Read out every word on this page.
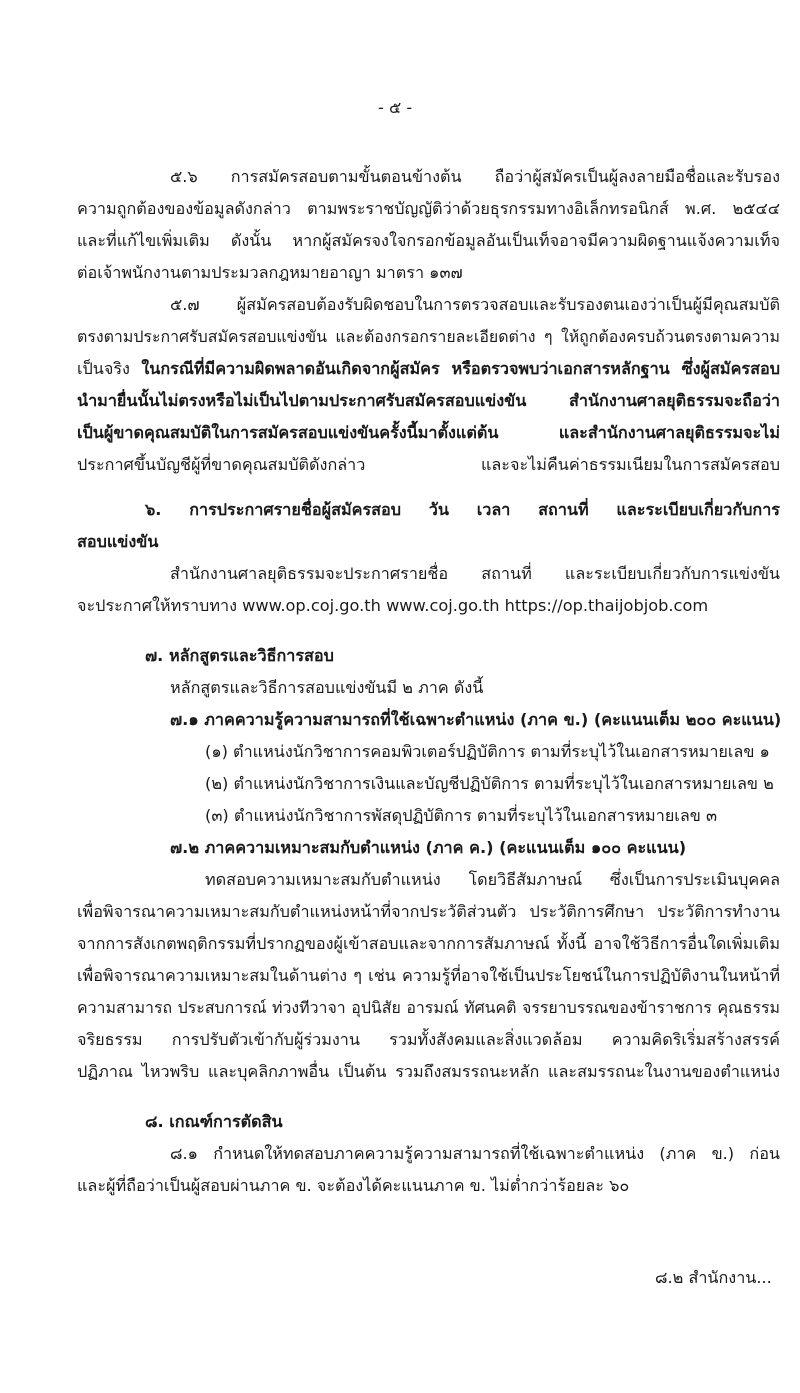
- ๕ -
๕.๖ การสมัครสอบตามขั้นตอนข้างต้น ถือว่าผู้สมัครเป็นผู้ลงลายมือชื่อและรับรอง
ความถูกต้องของข้อมูลดังกล่าว ตามพระราชบัญญัติว่าด้วยธุรกรรมทางอิเล็กทรอนิกส์ พ.ศ. ๒๕๔๔
และที่แก้ไขเพิ่มเติม ดังนั้น หากผู้สมัครจงใจกรอกข้อมูลอันเป็นเท็จอาจมีความผิดฐานแจ้งความเท็จ
ต่อเจ้าพนักงานตามประมวลกฎหมายอาญา มาตรา ๑๓๗
๕.๗ ผู้สมัครสอบต้องรับผิดชอบในการตรวจสอบและรับรองตนเองว่าเป็นผู้มีคุณสมบัติ
ตรงตามประกาศรับสมัครสอบแข่งขัน และต้องกรอกรายละเอียดต่าง ๆ ให้ถูกต้องครบถ้วนตรงตามความ
เป็นจริง ในกรณีที่มีความผิดพลาดอันเกิดจากผู้สมัคร หรือตรวจพบว่าเอกสารหลักฐาน ซึ่งผู้สมัครสอบ
นำมายื่นนั้นไม่ตรงหรือไม่เป็นไปตามประกาศรับสมัครสอบแข่งขัน สำนักงานศาลยุติธรรมจะถือว่า
เป็นผู้ขาดคุณสมบัติในการสมัครสอบแข่งขันครั้งนี้มาตั้งแต่ต้น และสำนักงานศาลยุติธรรมจะไม่
ประกาศขึ้นบัญชีผู้ที่ขาดคุณสมบัติดังกล่าว และจะไม่คืนค่าธรรมเนียมในการสมัครสอบ
๖. การประกาศรายชื่อผู้สมัครสอบ วัน เวลา สถานที่ และระเบียบเกี่ยวกับการ
สอบแข่งขัน
สำนักงานศาลยุติธรรมจะประกาศรายชื่อ สถานที่ และระเบียบเกี่ยวกับการแข่งขัน
จะประกาศให้ทราบทาง www.op.coj.go.th www.coj.go.th https://op.thaijobjob.com
๗. หลักสูตรและวิธีการสอบ
หลักสูตรและวิธีการสอบแข่งขันมี ๒ ภาค ดังนี้
๗.๑ ภาคความรู้ความสามารถที่ใช้เฉพาะตำแหน่ง (ภาค ข.) (คะแนนเต็ม ๒๐๐ คะแนน)
(๑) ตำแหน่งนักวิชาการคอมพิวเตอร์ปฏิบัติการ ตามที่ระบุไว้ในเอกสารหมายเลข ๑
(๒) ตำแหน่งนักวิชาการเงินและบัญชีปฏิบัติการ ตามที่ระบุไว้ในเอกสารหมายเลข ๒
(๓) ตำแหน่งนักวิชาการพัสดุปฏิบัติการ ตามที่ระบุไว้ในเอกสารหมายเลข ๓
๗.๒ ภาคความเหมาะสมกับตำแหน่ง (ภาค ค.) (คะแนนเต็ม ๑๐๐ คะแนน)
ทดสอบความเหมาะสมกับตำแหน่ง โดยวิธีสัมภาษณ์ ซึ่งเป็นการประเมินบุคคล
เพื่อพิจารณาความเหมาะสมกับตำแหน่งหน้าที่จากประวัติส่วนตัว ประวัติการศึกษา ประวัติการทำงาน
จากการสังเกตพฤติกรรมที่ปรากฏของผู้เข้าสอบและจากการสัมภาษณ์ ทั้งนี้ อาจใช้วิธีการอื่นใดเพิ่มเติม
เพื่อพิจารณาความเหมาะสมในด้านต่าง ๆ เช่น ความรู้ที่อาจใช้เป็นประโยชน์ในการปฏิบัติงานในหน้าที่
ความสามารถ ประสบการณ์ ท่วงทีวาจา อุปนิสัย อารมณ์ ทัศนคติ จรรยาบรรณของข้าราชการ คุณธรรม
จริยธรรม การปรับตัวเข้ากับผู้ร่วมงาน รวมทั้งสังคมและสิ่งแวดล้อม ความคิดริเริ่มสร้างสรรค์
ปฏิภาณ ไหวพริบ และบุคลิกภาพอื่น เป็นต้น รวมถึงสมรรถนะหลัก และสมรรถนะในงานของตำแหน่ง
๘. เกณฑ์การตัดสิน
๘.๑ กำหนดให้ทดสอบภาคความรู้ความสามารถที่ใช้เฉพาะตำแหน่ง (ภาค ข.) ก่อน
และผู้ที่ถือว่าเป็นผู้สอบผ่านภาค ข. จะต้องได้คะแนนภาค ข. ไม่ต่ำกว่าร้อยละ ๖๐
๘.๒ สำนักงาน...
